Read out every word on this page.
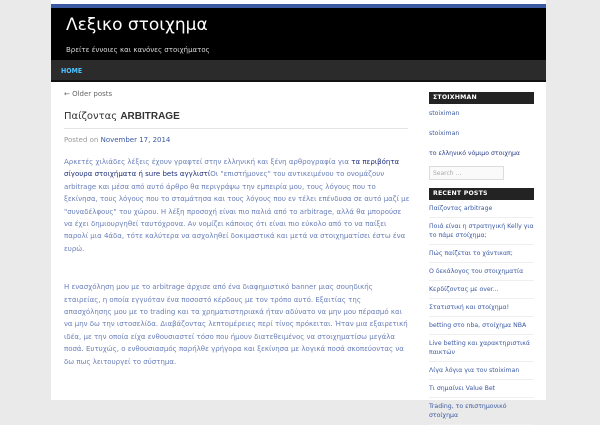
Λεξικο στοιχημα
Βρείτε έννοιες και κανόνες στοιχήματος
HOME
← Older posts
Παίζοντας ARBITRAGE
Posted on November 17, 2014

Αρκετές χιλιάδες λέξεις έχουν γραφτεί στην ελληνική και ξένη αρθρογραφία για τα περιβόητα σίγουρα στοιχήματα ή sure bets αγγλιστίΟι "επιστήμονες" του αντικειμένου το ονομάζουν arbitrage και μέσα από αυτό άρθρο θα περιγράψω την εμπειρία μου, τους λόγους που το ξεκίνησα, τους λόγους που το σταμάτησα και τους λόγους που εν τέλει επένδυσα σε αυτό μαζί με "συναδέλφους" του χώρου. Η λέξη προσοχή είναι πιο παλιά από το arbitrage, αλλά θα μπορούσε να έχει δημιουργηθεί ταυτόχρονα. Αν νομίζει κάποιος ότι είναι πιο εύκολο από το να παίξει παρολί μια 4άδα, τότε καλύτερα να ασχοληθεί δοκιμαστικά και μετά να στοιχηματίσει έστω ένα ευρώ.

Η ενασχόληση μου με το arbitrage άρχισε από ένα διαφημιστικό banner μιας σουηδικής εταιρείας, η οποία εγγυόταν ένα ποσοστό κέρδους με τον τρόπο αυτό. Εξαιτίας της απασχόλησης μου με το trading και τα χρηματιστηριακά ήταν αδύνατο να μην μου πέρασμό και να μην δω την ιστοσελίδα. Διαβάζοντας λεπτομέρειες περί τίνος πρόκειται. Ήταν μια εξαιρετική ιδέα, με την οποία είχα ενθουσιαστεί τόσο που ήμουν διατεθειμένος να στοιχηματίσω μεγάλα ποσά. Ευτυχώς, ο ενθουσιασμός παρήλθε γρήγορα και ξεκίνησα με λογικά ποσά σκοπεύοντας να δω πως λειτουργεί το σύστημα.

ΣΤΟΙΧΗΜΑΝ
stoiximan
stoiximan
το ελληνικό νόμιμο στοιχημα
Search ...
RECENT POSTS
Παίζοντας arbitrage
Ποιά είναι η στρατηγική Kelly για το πάμε στοίχημα;
Πώς παίζεται το χάντικαπ;
Ο δεκάλογος του στοιχηματία
Κερδίζοντας με over...
Στατιστική και στοίχημα!
betting στο nba, στοίχημα NBA
Live betting και χαρακτηριστικά παικτών
Λίγα λόγια για τον stoiximan
Τι σημαίνει Value Bet
Trading, το επιστημονικό στοίχημα
